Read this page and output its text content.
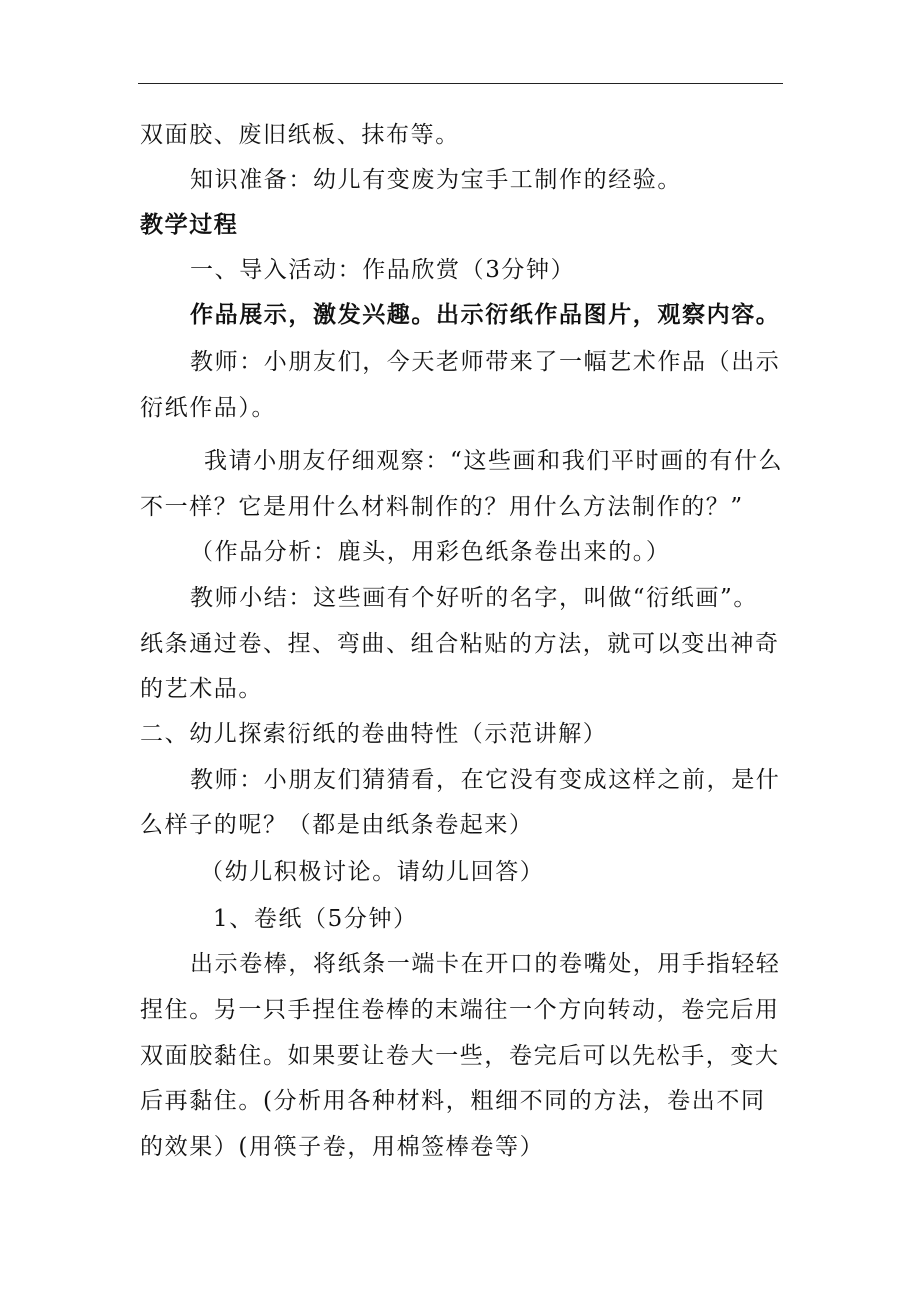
双面胶、废旧纸板、抹布等。
知识准备：幼儿有变废为宝手工制作的经验。
教学过程
一、导入活动：作品欣赏（3分钟）
作品展示，激发兴趣。出示衍纸作品图片，观察内容。
教师：小朋友们，今天老师带来了一幅艺术作品（出示
衍纸作品）。
我请小朋友仔细观察：“这些画和我们平时画的有什么
不一样？它是用什么材料制作的？用什么方法制作的？”
（作品分析：鹿头，用彩色纸条卷出来的。）
教师小结：这些画有个好听的名字，叫做“衍纸画”。
纸条通过卷、捏、弯曲、组合粘贴的方法，就可以变出神奇
的艺术品。
二、幼儿探索衍纸的卷曲特性（示范讲解）
教师：小朋友们猜猜看，在它没有变成这样之前，是什
么样子的呢？（都是由纸条卷起来）
（幼儿积极讨论。请幼儿回答）
1、卷纸（5分钟）
出示卷棒，将纸条一端卡在开口的卷嘴处，用手指轻轻
捏住。另一只手捏住卷棒的末端往一个方向转动，卷完后用
双面胶黏住。如果要让卷大一些，卷完后可以先松手，变大
后再黏住。(分析用各种材料，粗细不同的方法，卷出不同
的效果）(用筷子卷，用棉签棒卷等）
